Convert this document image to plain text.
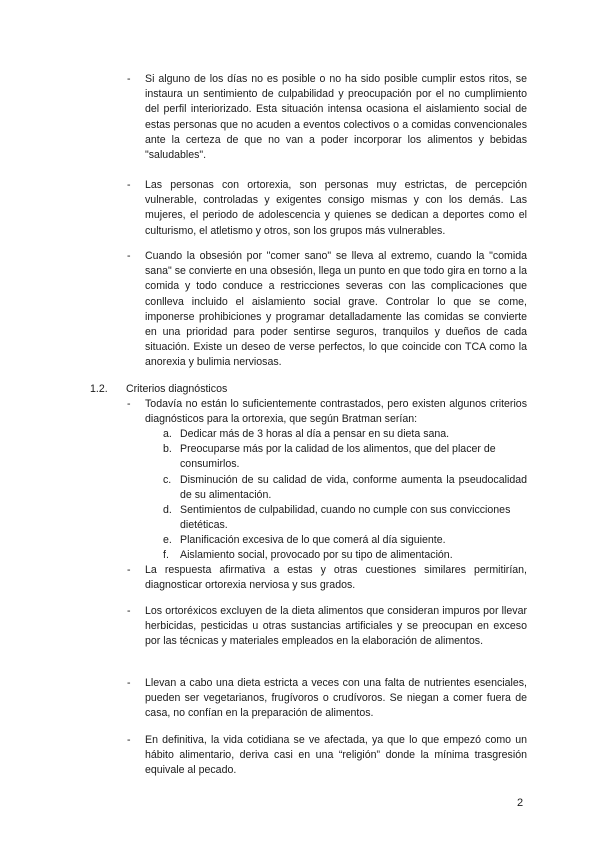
- Si alguno de los días no es posible o no ha sido posible cumplir estos ritos, se instaura un sentimiento de culpabilidad y preocupación por el no cumplimiento del perfil interiorizado. Esta situación intensa ocasiona el aislamiento social de estas personas que no acuden a eventos colectivos o a comidas convencionales ante la certeza de que no van a poder incorporar los alimentos y bebidas "saludables".
- Las personas con ortorexia, son personas muy estrictas, de percepción vulnerable, controladas y exigentes consigo mismas y con los demás. Las mujeres, el periodo de adolescencia y quienes se dedican a deportes como el culturismo, el atletismo y otros, son los grupos más vulnerables.
- Cuando la obsesión por "comer sano" se lleva al extremo, cuando la "comida sana" se convierte en una obsesión, llega un punto en que todo gira en torno a la comida y todo conduce a restricciones severas con las complicaciones que conlleva incluido el aislamiento social grave. Controlar lo que se come, imponerse prohibiciones y programar detalladamente las comidas se convierte en una prioridad para poder sentirse seguros, tranquilos y dueños de cada situación. Existe un deseo de verse perfectos, lo que coincide con TCA como la anorexia y bulimia nerviosas.
1.2. Criterios diagnósticos
- Todavía no están lo suficientemente contrastados, pero existen algunos criterios diagnósticos para la ortorexia, que según Bratman serían:
a. Dedicar más de 3 horas al día a pensar en su dieta sana.
b. Preocuparse más por la calidad de los alimentos, que del placer de consumirlos.
c. Disminución de su calidad de vida, conforme aumenta la pseudocalidad de su alimentación.
d. Sentimientos de culpabilidad, cuando no cumple con sus convicciones dietéticas.
e. Planificación excesiva de lo que comerá al día siguiente.
f. Aislamiento social, provocado por su tipo de alimentación.
- La respuesta afirmativa a estas y otras cuestiones similares permitirían, diagnosticar ortorexia nerviosa y sus grados.
- Los ortoréxicos excluyen de la dieta alimentos que consideran impuros por llevar herbicidas, pesticidas u otras sustancias artificiales y se preocupan en exceso por las técnicas y materiales empleados en la elaboración de alimentos.
- Llevan a cabo una dieta estricta a veces con una falta de nutrientes esenciales, pueden ser vegetarianos, frugívoros o crudívoros. Se niegan a comer fuera de casa, no confían en la preparación de alimentos.
- En definitiva, la vida cotidiana se ve afectada, ya que lo que empezó como un hábito alimentario, deriva casi en una “religión” donde la mínima trasgresión equivale al pecado.
2
